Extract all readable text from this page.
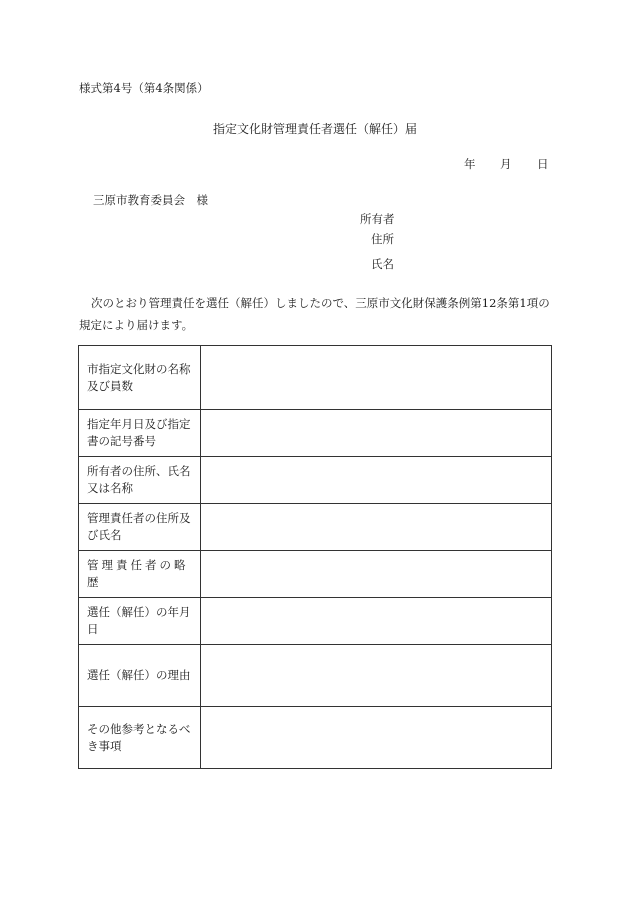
様式第4号（第4条関係）
指定文化財管理責任者選任（解任）届
年 月 日
三原市教育委員会　様
所有者
住所
氏名
次のとおり管理責任を選任（解任）しましたので、三原市文化財保護条例第12条第1項の規定により届けます。
市指定文化財の名称及び員数	
指定年月日及び指定書の記号番号	
所有者の住所、氏名又は名称	
管理責任者の住所及び氏名	
管理責任者の略歴	
選任（解任）の年月日	
選任（解任）の理由	
その他参考となるべき事項	
